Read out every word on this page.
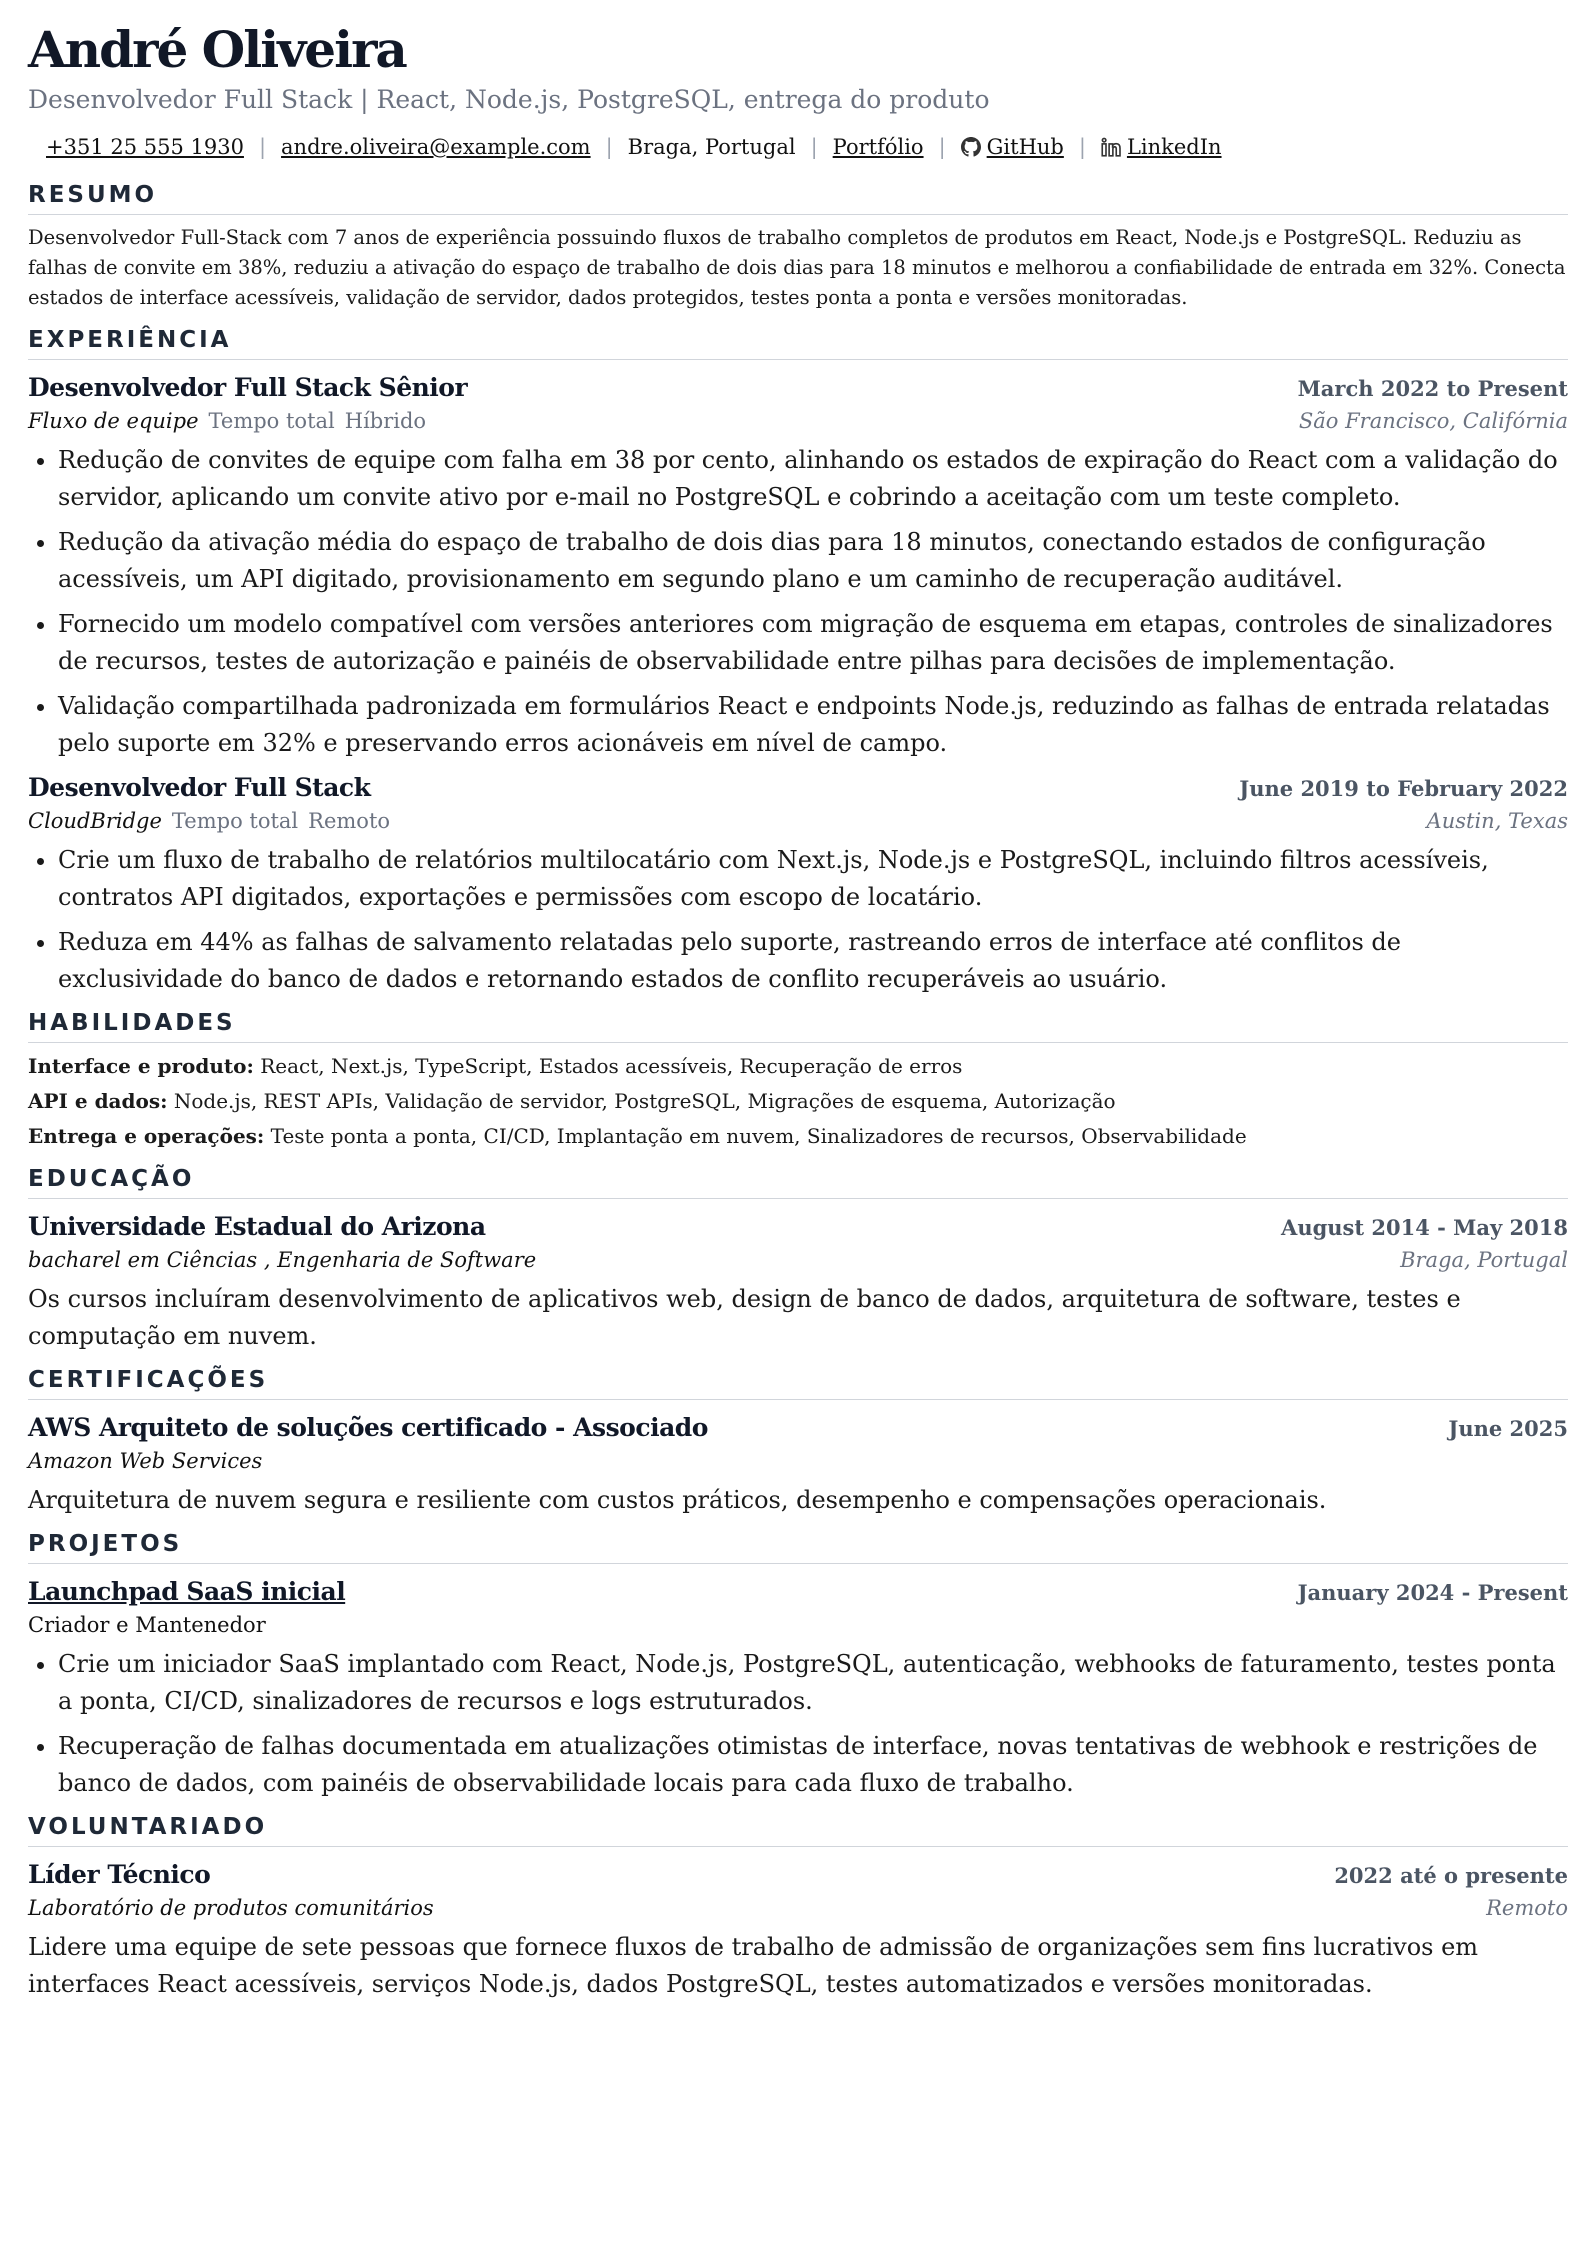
André Oliveira
Desenvolvedor Full Stack | React, Node.js, PostgreSQL, entrega do produto
+351 25 555 1930 | andre.oliveira@example.com | Braga, Portugal | Portfólio |	GitHub |	LinkedIn
RESUMO
Desenvolvedor Full-Stack com 7 anos de experiência possuindo fluxos de trabalho completos de produtos em React, Node.js e PostgreSQL. Reduziu as falhas de convite em 38%, reduziu a ativação do espaço de trabalho de dois dias para 18 minutos e melhorou a confiabilidade de entrada em 32%. Conecta estados de interface acessíveis, validação de servidor, dados protegidos, testes ponta a ponta e versões monitoradas.
EXPERIÊNCIA
Desenvolvedor Full Stack Sênior	March 2022 to Present
Fluxo de equipe Tempo total Híbrido	São Francisco, Califórnia
• Redução de convites de equipe com falha em 38 por cento, alinhando os estados de expiração do React com a validação do servidor, aplicando um convite ativo por e-mail no PostgreSQL e cobrindo a aceitação com um teste completo.
• Redução da ativação média do espaço de trabalho de dois dias para 18 minutos, conectando estados de configuração acessíveis, um API digitado, provisionamento em segundo plano e um caminho de recuperação auditável.
• Fornecido um modelo compatível com versões anteriores com migração de esquema em etapas, controles de sinalizadores de recursos, testes de autorização e painéis de observabilidade entre pilhas para decisões de implementação.
• Validação compartilhada padronizada em formulários React e endpoints Node.js, reduzindo as falhas de entrada relatadas pelo suporte em 32% e preservando erros acionáveis em nível de campo.
Desenvolvedor Full Stack	June 2019 to February 2022
CloudBridge Tempo total Remoto	Austin, Texas
• Crie um fluxo de trabalho de relatórios multilocatário com Next.js, Node.js e PostgreSQL, incluindo filtros acessíveis, contratos API digitados, exportações e permissões com escopo de locatário.
• Reduza em 44% as falhas de salvamento relatadas pelo suporte, rastreando erros de interface até conflitos de exclusividade do banco de dados e retornando estados de conflito recuperáveis ao usuário.
HABILIDADES
Interface e produto: React, Next.js, TypeScript, Estados acessíveis, Recuperação de erros
API e dados: Node.js, REST APIs, Validação de servidor, PostgreSQL, Migrações de esquema, Autorização
Entrega e operações: Teste ponta a ponta, CI/CD, Implantação em nuvem, Sinalizadores de recursos, Observabilidade
EDUCAÇÃO
Universidade Estadual do Arizona	August 2014 - May 2018
bacharel em Ciências , Engenharia de Software	Braga, Portugal
Os cursos incluíram desenvolvimento de aplicativos web, design de banco de dados, arquitetura de software, testes e computação em nuvem.
CERTIFICAÇÕES
AWS Arquiteto de soluções certificado - Associado	June 2025
Amazon Web Services
Arquitetura de nuvem segura e resiliente com custos práticos, desempenho e compensações operacionais.
PROJETOS
Launchpad SaaS inicial	January 2024 - Present
Criador e Mantenedor
• Crie um iniciador SaaS implantado com React, Node.js, PostgreSQL, autenticação, webhooks de faturamento, testes ponta a ponta, CI/CD, sinalizadores de recursos e logs estruturados.
• Recuperação de falhas documentada em atualizações otimistas de interface, novas tentativas de webhook e restrições de banco de dados, com painéis de observabilidade locais para cada fluxo de trabalho.
VOLUNTARIADO
Líder Técnico	2022 até o presente
Laboratório de produtos comunitários	Remoto
Lidere uma equipe de sete pessoas que fornece fluxos de trabalho de admissão de organizações sem fins lucrativos em interfaces React acessíveis, serviços Node.js, dados PostgreSQL, testes automatizados e versões monitoradas.
